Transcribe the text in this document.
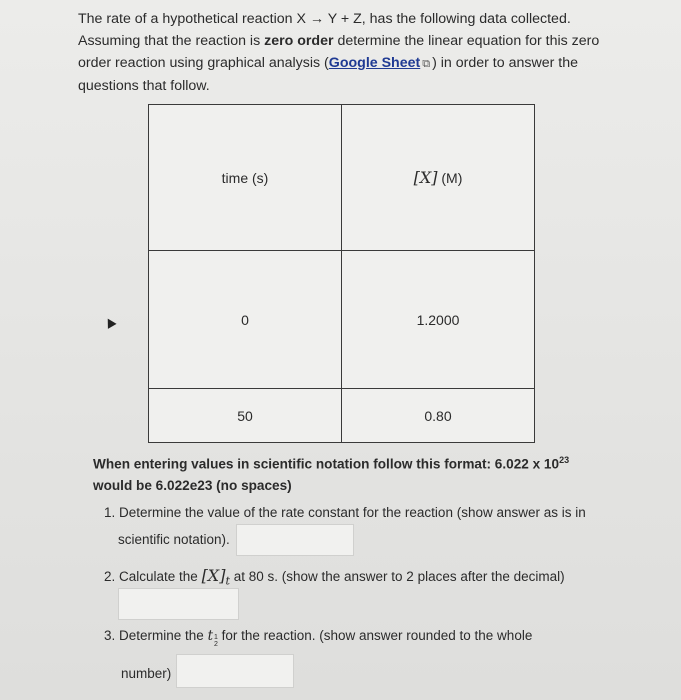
The rate of a hypothetical reaction X → Y + Z, has the following data collected. Assuming that the reaction is zero order determine the linear equation for this zero order reaction using graphical analysis (Google Sheet ⧉ ) in order to answer the questions that follow.
time (s)	[X] (M)
0	1.2000
50	0.80
When entering values in scientific notation follow this format: 6.022 x $10^{23}$
would be 6.022e23 (no spaces)
1. Determine the value of the rate constant for the reaction (show answer as is in
scientific notation).
2. Calculate the $[X]_t$ at 80 s. (show the answer to 2 places after the decimal)
3. Determine the t1
2 for the reaction. (show answer rounded to the whole
number)
